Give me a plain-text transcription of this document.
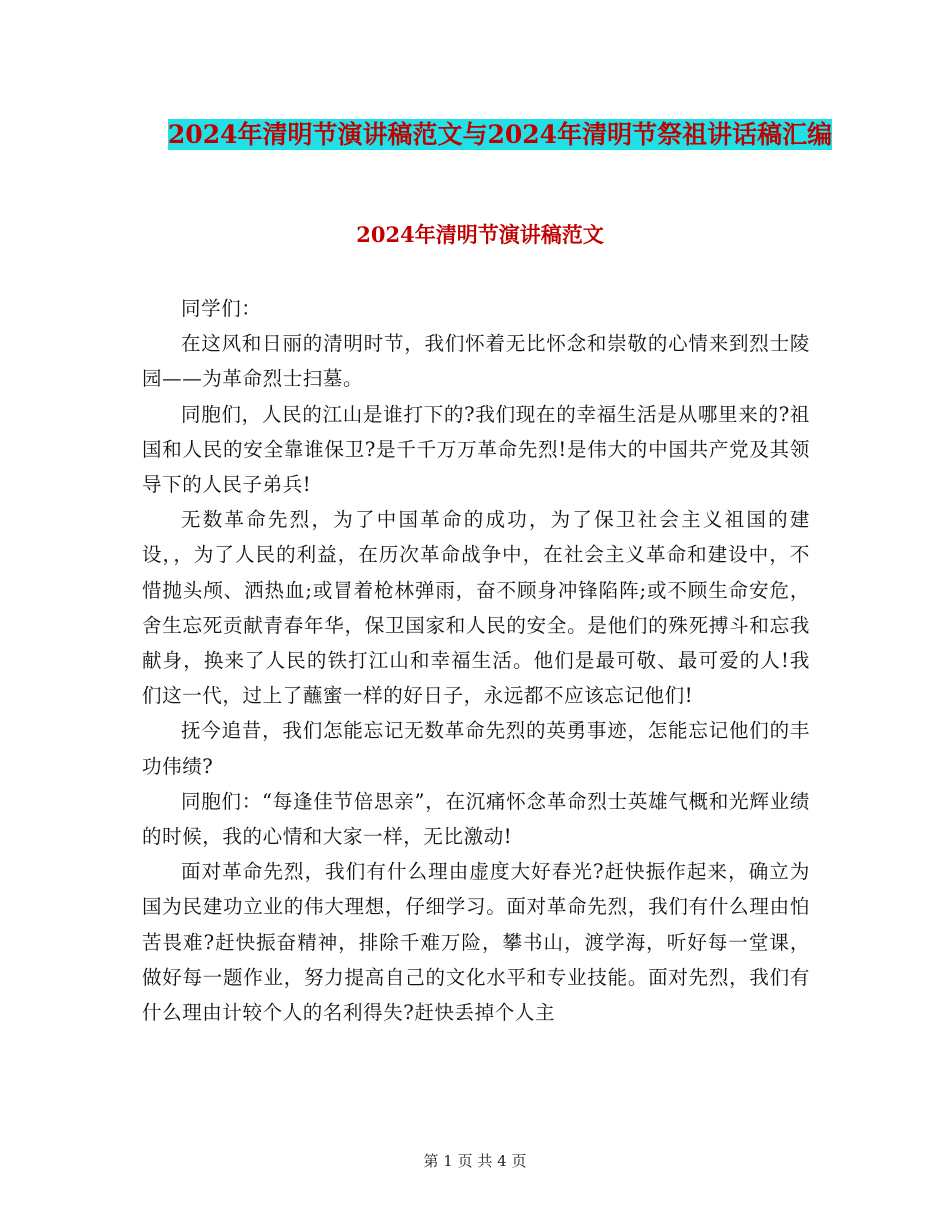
2024年清明节演讲稿范文与2024年清明节祭祖讲话稿汇编
2024年清明节演讲稿范文

同学们：

在这风和日丽的清明时节，我们怀着无比怀念和崇敬的心情来到烈士陵园——为革命烈士扫墓。

同胞们，人民的江山是谁打下的?我们现在的幸福生活是从哪里来的?祖国和人民的安全靠谁保卫?是千千万万革命先烈!是伟大的中国共产党及其领导下的人民子弟兵!

无数革命先烈，为了中国革命的成功，为了保卫社会主义祖国的建设，，为了人民的利益，在历次革命战争中，在社会主义革命和建设中，不惜抛头颅、洒热血;或冒着枪林弹雨，奋不顾身冲锋陷阵;或不顾生命安危，舍生忘死贡献青春年华，保卫国家和人民的安全。是他们的殊死搏斗和忘我献身，换来了人民的铁打江山和幸福生活。他们是最可敬、最可爱的人!我们这一代，过上了蘸蜜一样的好日子，永远都不应该忘记他们!

抚今追昔，我们怎能忘记无数革命先烈的英勇事迹，怎能忘记他们的丰功伟绩?

同胞们：“每逢佳节倍思亲”，在沉痛怀念革命烈士英雄气概和光辉业绩的时候，我的心情和大家一样，无比激动!

面对革命先烈，我们有什么理由虚度大好春光?赶快振作起来，确立为国为民建功立业的伟大理想，仔细学习。面对革命先烈，我们有什么理由怕苦畏难?赶快振奋精神，排除千难万险，攀书山，渡学海，听好每一堂课，做好每一题作业，努力提高自己的文化水平和专业技能。面对先烈，我们有什么理由计较个人的名利得失?赶快丢掉个人主

第 1 页 共 4 页
